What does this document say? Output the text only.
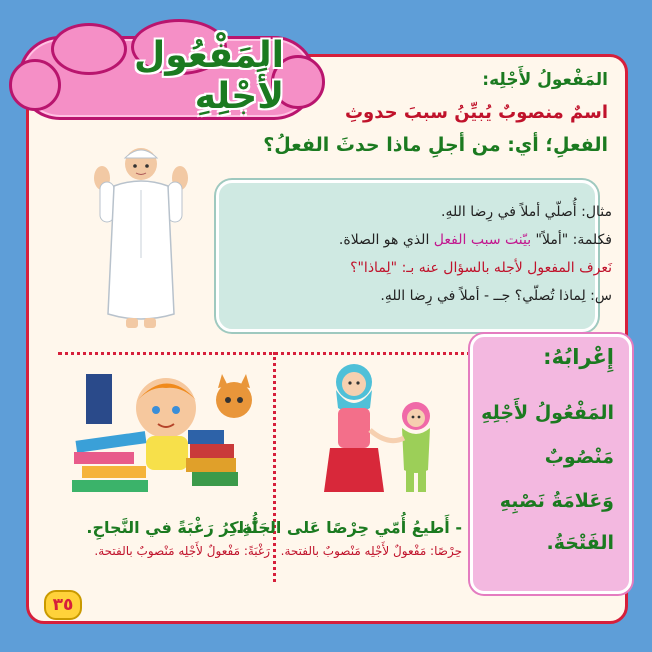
المَفْعُول لأَجْلِهِ	المَفْعولُ لأَجْلِه:
اسمٌ منصوبٌ يُبيِّنُ سببَ حدوثِ
الفعلِ؛ أي: من أجلِ ماذا حدثَ الفعلُ؟
مثال: أُصلّي أملاً في رِضا اللهِ.
فكلمة: "أملاً" بيّنت سبب الفعل الذي هو الصلاة.
نَعرف المفعول لأجله بالسؤال عنه بـ: "لِماذا"؟
س: لِماذا تُصلّي؟ جــ - أملاً في رِضا اللهِ.
إِعْرابُهُ:
المَفْعُولُ لأَجْلِهِ
مَنْصُوبٌ
وَعَلامَةُ نَصْبِهِ
الفَتْحَةُ.
- أَطيعُ أُمّي حِرْصًا عَلى الجَنَّةِ.
حِرْصًا: مَفْعولٌ لأَجْلِه مَنْصوبٌ بالفتحة.
- أُذاكِرُ رَغْبَةً في النَّجاحِ.
رَغْبَةً: مَفْعولٌ لأَجْلِه مَنْصوبٌ بالفتحة.
٣٥
